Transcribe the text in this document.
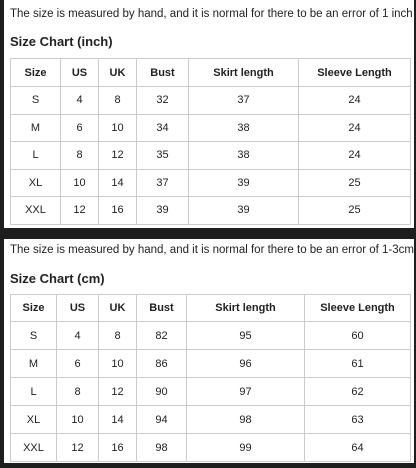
The size is measured by hand, and it is normal for there to be an error of 1 inch
Size Chart (inch)
Size	US	UK	Bust	Skirt length	Sleeve Length
S	4	8	32	37	24
M	6	10	34	38	24
L	8	12	35	38	24
XL	10	14	37	39	25
XXL	12	16	39	39	25
The size is measured by hand, and it is normal for there to be an error of 1-3cm
Size Chart (cm)
Size	US	UK	Bust	Skirt length	Sleeve Length
S	4	8	82	95	60
M	6	10	86	96	61
L	8	12	90	97	62
XL	10	14	94	98	63
XXL	12	16	98	99	64
